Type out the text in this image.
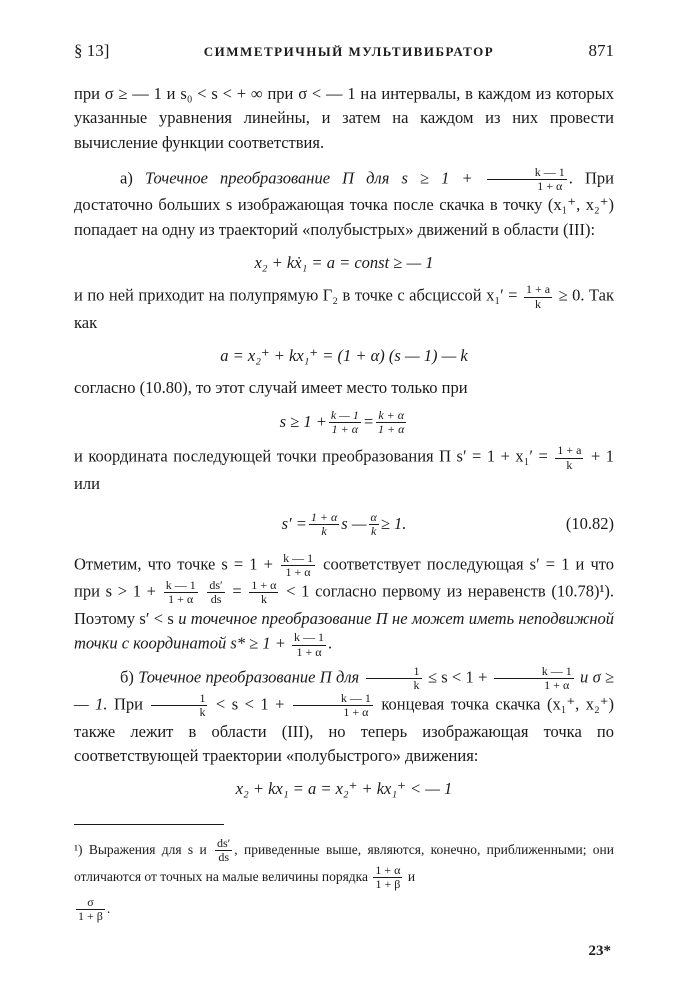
§ 13]	СИММЕТРИЧНЫЙ МУЛЬТИВИБРАТОР	871

при σ ≥ — 1 и s₀ < s < + ∞ при σ < — 1 на интервалы, в каждом из которых указанные уравнения линейны, и затем на каждом из них провести вычисление функции соответствия.

а) Точечное преобразование П для $s \ge 1 + \frac{k — 1}{1 + \alpha}$ . При достаточно больших s изображающая точка после скачка в точку (x₁⁺, x₂⁺) попадает на одну из траекторий «полубыстрых» движений в области (III):

x₂ + kẋ₁ = a = const ≥ — 1

и по ней приходит на полупрямую Γ₂ в точке с абсциссой $x_1' = \frac{1 + a}{k} \ge 0$. Так как

a = x₂⁺ + kx₁⁺ = (1 + α) (s — 1) — k

согласно (10.80), то этот случай имеет место только при

$s \ge 1 + \frac{k — 1}{1 + \alpha} = \frac{k + \alpha}{1 + \alpha}$

и координата последующей точки преобразования П $s' = 1 + x_1' = \frac{1 + a}{k} + 1$ или

$s' = \frac{1 + \alpha}{k}$ s — $\frac{\alpha}{k} \ge 1$.	(10.82)

Отметим, что точке $s = 1 + \frac{k — 1}{1 + \alpha}$ соответствует последующая s′ = 1 и что при $s > 1 + \frac{k — 1}{1 + \alpha}$
$\frac{ds'}{ds} = \frac{1 + \alpha}{k} < 1$ согласно первому из неравенств (10.78)¹). Поэтому s′ < s и точечное преобразование П не может иметь неподвижной точки с координатой $s* \ge 1 + \frac{k — 1}{1 + \alpha}$ .

б) Точечное преобразование П для $\frac{1}{k} \le s < 1 + \frac{k — 1}{1 + \alpha}$ и σ ≥ — 1. При $\frac{1}{k} < s < 1 + \frac{k — 1}{1 + \alpha}$ концевая точка скачка (x₁⁺, x₂⁺) также лежит в области (III), но теперь изображающая точка по соответствующей траектории «полубыстрого» движения:

x₂ + kx₁ = a = x₂⁺ + kx₁⁺ < — 1

¹) Выражения для s и $\frac{ds'}{ds}$ , приведенные выше, являются, конечно, приближенными; они отличаются от точных на малые величины порядка $\frac{1 + \alpha}{1 + \beta}$ и

$\frac{\sigma}{1 + \beta}$ .
23*
